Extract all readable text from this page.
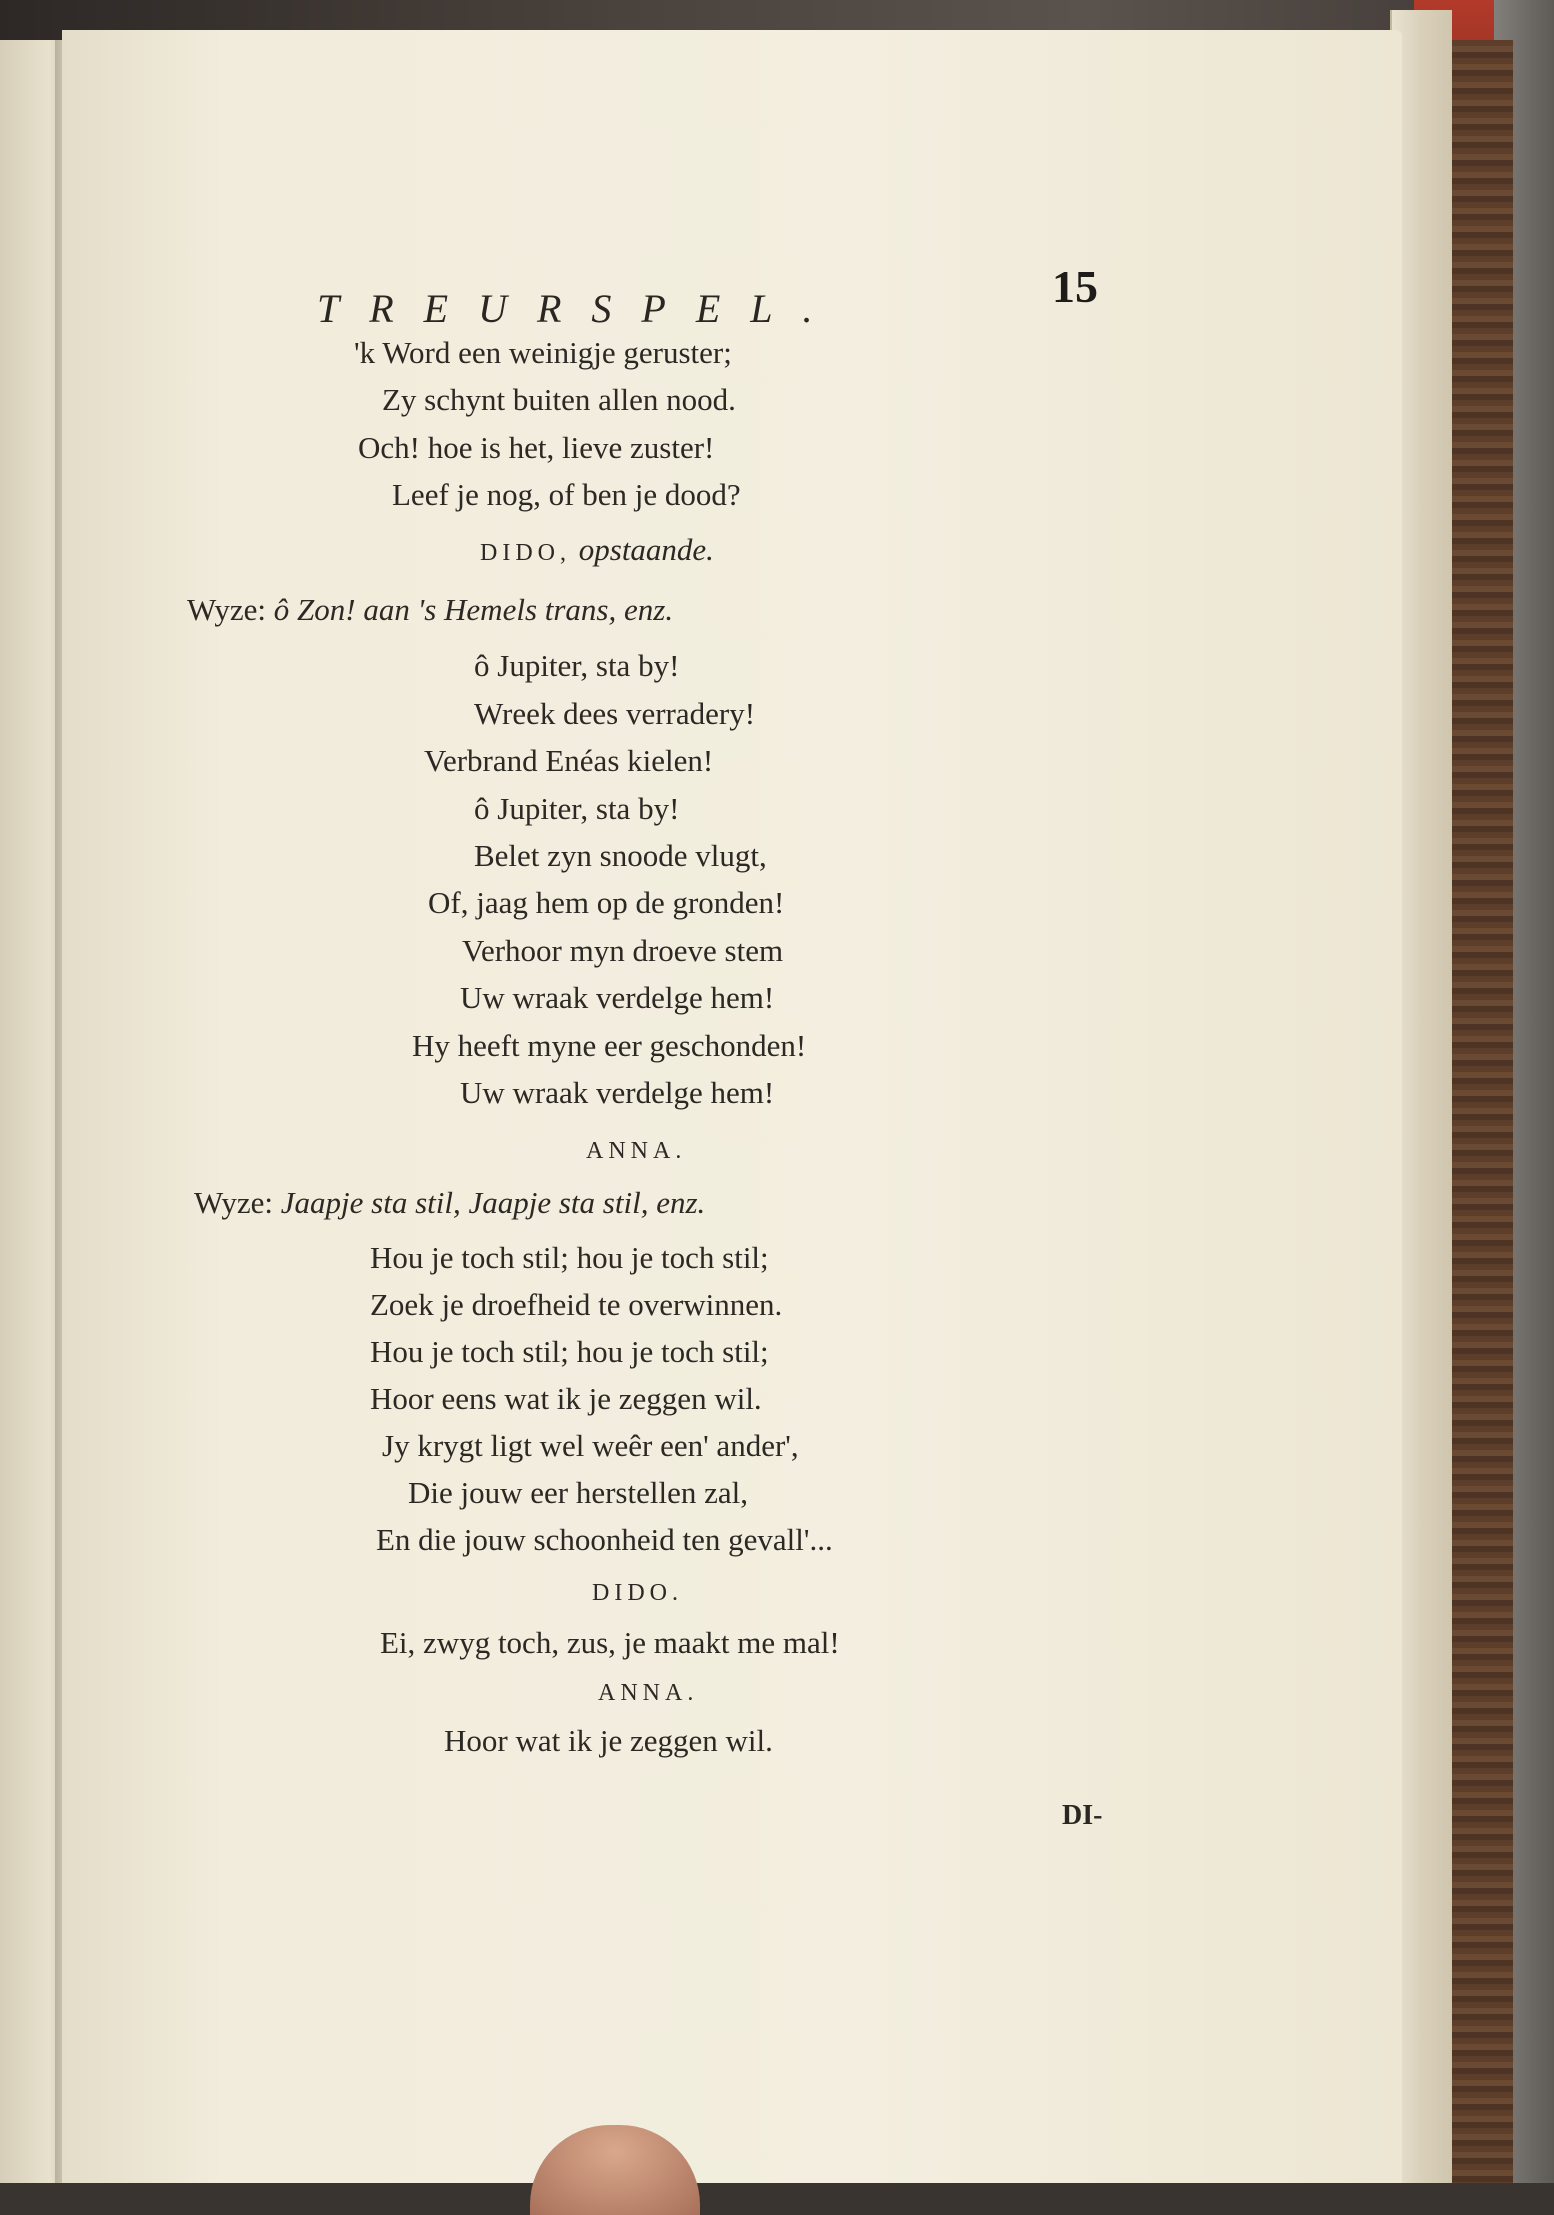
TREURSPEL.	15
'k Word een weinigje geruster;
Zy schynt buiten allen nood.
Och! hoe is het, lieve zuster!
Leef je nog, of ben je dood?
DIDO, opstaande.
Wyze: ô Zon! aan 's Hemels trans, enz.
ô Jupiter, sta by!
Wreek dees verradery!
Verbrand Enéas kielen!
ô Jupiter, sta by!
Belet zyn snoode vlugt,
Of, jaag hem op de gronden!
Verhoor myn droeve stem
Uw wraak verdelge hem!
Hy heeft myne eer geschonden!
Uw wraak verdelge hem!
ANNA.
Wyze: Jaapje sta stil, Jaapje sta stil, enz.
Hou je toch stil; hou je toch stil;
Zoek je droefheid te overwinnen.
Hou je toch stil; hou je toch stil;
Hoor eens wat ik je zeggen wil.
Jy krygt ligt wel weêr een' ander',
Die jouw eer herstellen zal,
En die jouw schoonheid ten gevall'...
DIDO.
Ei, zwyg toch, zus, je maakt me mal!
ANNA.
Hoor wat ik je zeggen wil.
DI-
